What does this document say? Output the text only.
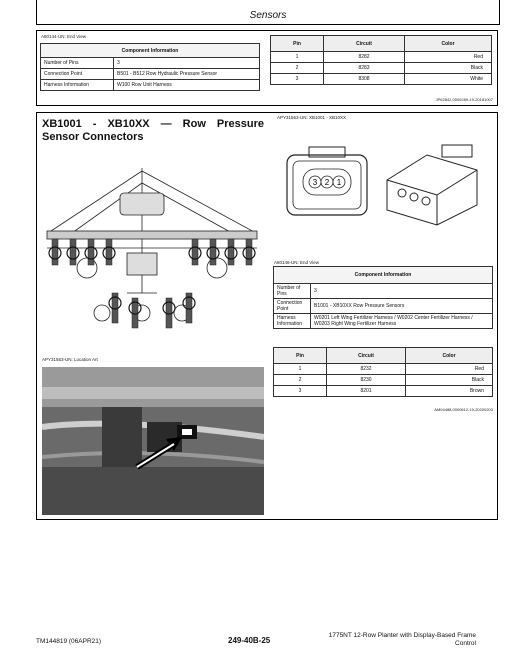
Sensors
A80144-UN: End View
Component Information	
Number of Pins	3
Connection Point	B501 - B512 Row Hydraulic Pressure Sensor
Harness Information	W100 Row Unit Harness
Pin	Circuit	Color
1	8282	Red
2	8283	Black
3	8308	White
JP62842,0000289-19-20181007
XB1001 - XB10XX — Row Pressure Sensor Connectors
APY31553-UN: Location Art
APY31563-UN: XB1001 - XB10XX
3 2 1
A80146-UN: End View
Component Information	
Number of Pins	3
Connection Point	B1001 - XB10XX Row Pressure Sensors
Harness Information	W0201 Left Wing Fertilizer Harness / W0202 Center Fertilizer Harness / W0203 Right Wing Fertilizer Harness
Pin	Circuit	Color
1	8232	Red
2	8230	Black
3	8201	Brown
AM04488,0000612-19-20200203
TM144819 (06APR21)	249-40B-25
1775NT 12-Row Planter with Display-Based Frame
Control
